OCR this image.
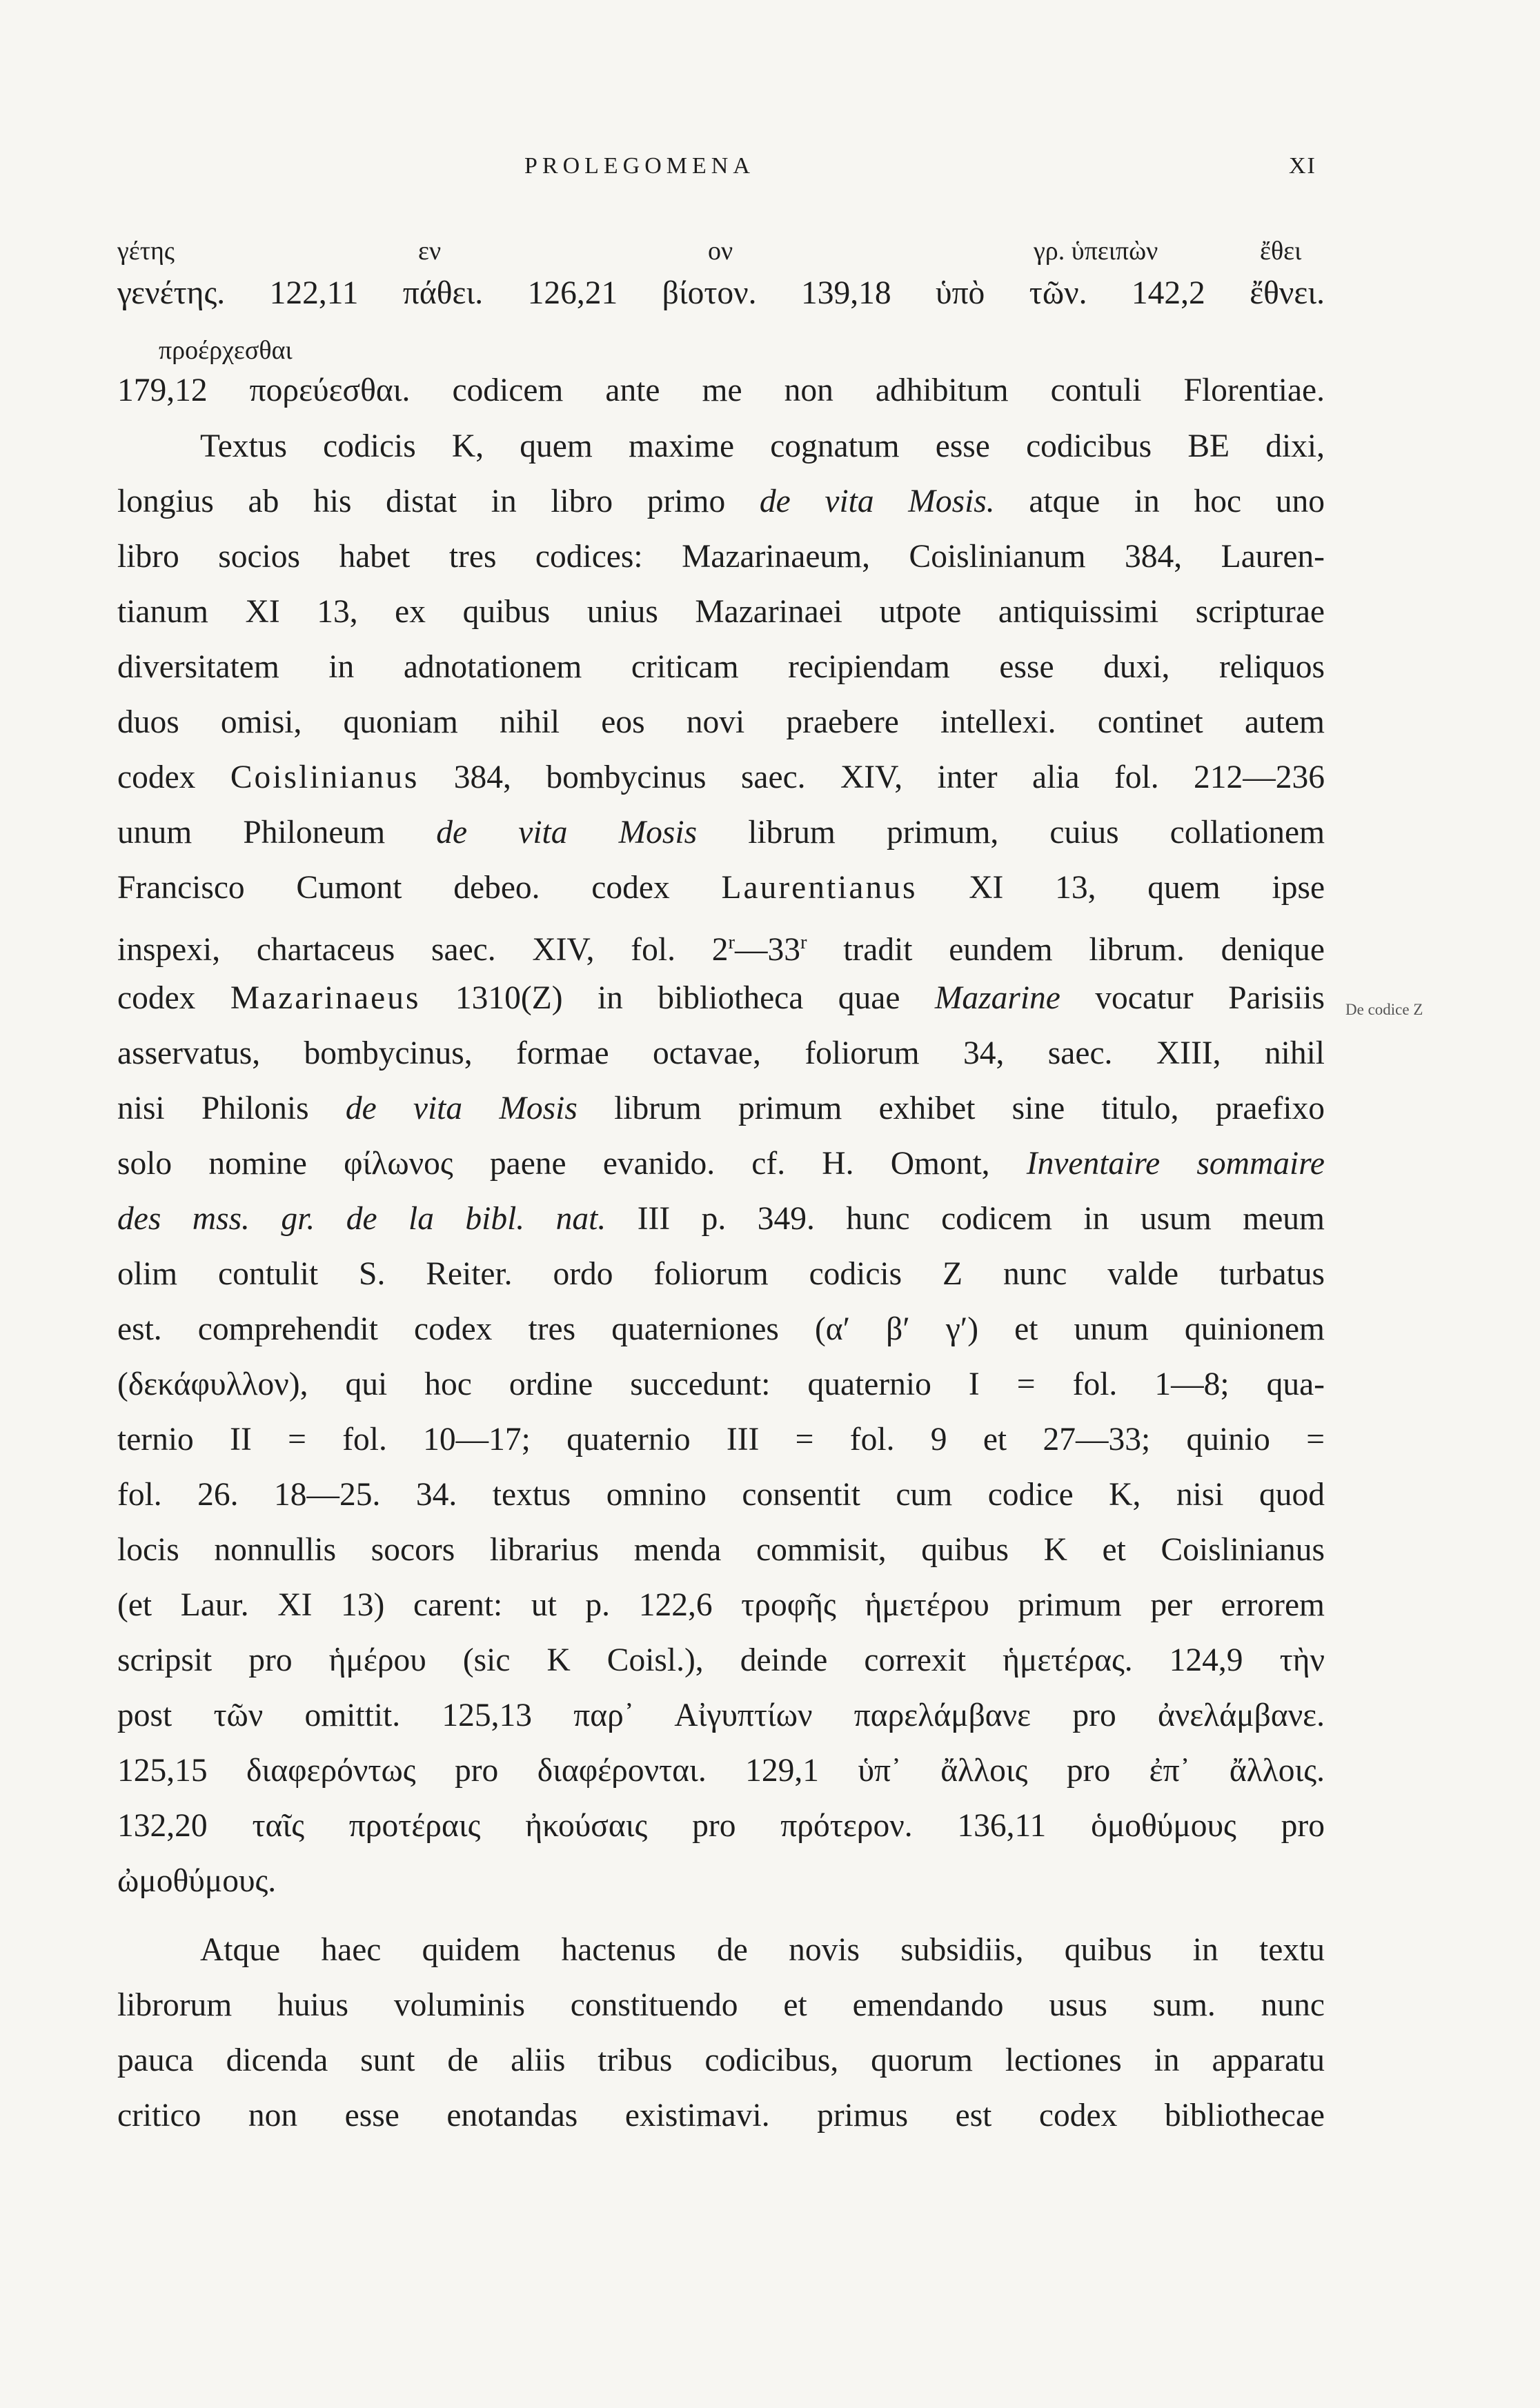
PROLEGOMENA	XI
γέτης	εν	ον	γρ. ὑπειπὼν	ἔθει
προέρχεσθαι
γενέτης. 122,11 πάθει. 126,21 βίοτον. 139,18 ὑπὸ τῶν. 142,2 ἔθνει.
179,12 πορεύεσθαι. codicem ante me non adhibitum contuli Florentiae.
Textus codicis K, quem maxime cognatum esse codicibus BE dixi,
longius ab his distat in libro primo de vita Mosis. atque in hoc uno
libro socios habet tres codices: Mazarinaeum, Coislinianum 384, Lauren-
tianum XI 13, ex quibus unius Mazarinaei utpote antiquissimi scripturae
diversitatem in adnotationem criticam recipiendam esse duxi, reliquos
duos omisi, quoniam nihil eos novi praebere intellexi. continet autem
codex Coislinianus 384, bombycinus saec. XIV, inter alia fol. 212—236
unum Philoneum de vita Mosis librum primum, cuius collationem
Francisco Cumont debeo. codex Laurentianus XI 13, quem ipse
inspexi, chartaceus saec. XIV, fol. 2$^r$—33$^r$ tradit eundem librum. denique
codex Mazarinaeus 1310(Z) in bibliotheca quae Mazarine vocatur Parisiis De codice Z
asservatus, bombycinus, formae octavae, foliorum 34, saec. XIII, nihil
nisi Philonis de vita Mosis librum primum exhibet sine titulo, praefixo
solo nomine φίλωνος paene evanido. cf. H. Omont, Inventaire sommaire
des mss. gr. de la bibl. nat. III p. 349. hunc codicem in usum meum
olim contulit S. Reiter. ordo foliorum codicis Z nunc valde turbatus
est. comprehendit codex tres quaterniones (α′ β′ γ′) et unum quinionem
(δεκάφυλλον), qui hoc ordine succedunt: quaternio I = fol. 1—8; qua-
ternio II = fol. 10—17; quaternio III = fol. 9 et 27—33; quinio =
fol. 26. 18—25. 34. textus omnino consentit cum codice K, nisi quod
locis nonnullis socors librarius menda commisit, quibus K et Coislinianus
(et Laur. XI 13) carent: ut p. 122,6 τροφῆς ἡμετέρου primum per errorem
scripsit pro ἡμέρου (sic K Coisl.), deinde correxit ἡμετέρας. 124,9 τὴν
post τῶν omittit. 125,13 παρ᾽ Αἰγυπτίων παρελάμβανε pro ἀνελάμβανε.
125,15 διαφερόντως pro διαφέρονται. 129,1 ὑπ᾽ ἄλλοις pro ἐπ᾽ ἄλλοις.
132,20 ταῖς προτέραις ἠκούσαις pro πρότερον. 136,11 ὁμοθύμους pro
ὠμοθύμους.
Atque haec quidem hactenus de novis subsidiis, quibus in textu
librorum huius voluminis constituendo et emendando usus sum. nunc
pauca dicenda sunt de aliis tribus codicibus, quorum lectiones in apparatu
critico non esse enotandas existimavi. primus est codex bibliothecae
